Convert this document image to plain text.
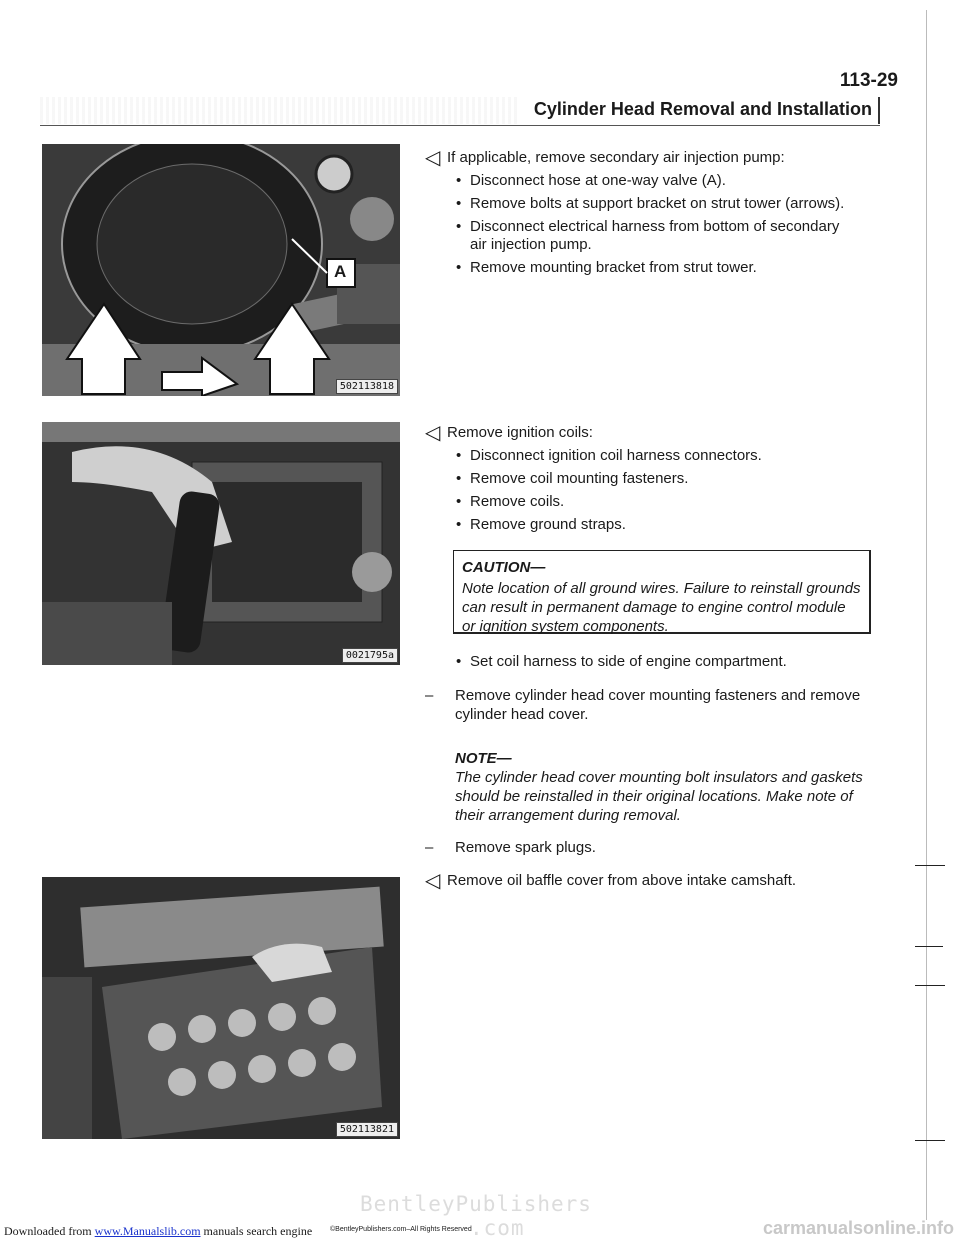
113-29
Cylinder Head Removal and Installation
A
502113818
0021795a
502113821
◁ If applicable, remove secondary air injection pump:
• Disconnect hose at one-way valve (A).
• Remove bolts at support bracket on strut tower (arrows).
• Disconnect electrical harness from bottom of secondary air injection pump.
• Remove mounting bracket from strut tower.
◁ Remove ignition coils:
• Disconnect ignition coil harness connectors.
• Remove coil mounting fasteners.
• Remove coils.
• Remove ground straps.
CAUTION—
Note location of all ground wires. Failure to reinstall grounds can result in permanent damage to engine control module or ignition system components.
• Set coil harness to side of engine compartment.
– Remove cylinder head cover mounting fasteners and remove cylinder head cover.
NOTE—
The cylinder head cover mounting bolt insulators and gaskets should be reinstalled in their original locations. Make note of their arrangement during removal.
– Remove spark plugs.
◁ Remove oil baffle cover from above intake camshaft.
BentleyPublishers
.com
Downloaded from www.Manualslib.com manuals search engine	©BentleyPublishers.com–All Rights Reserved	carmanualsonline.info
